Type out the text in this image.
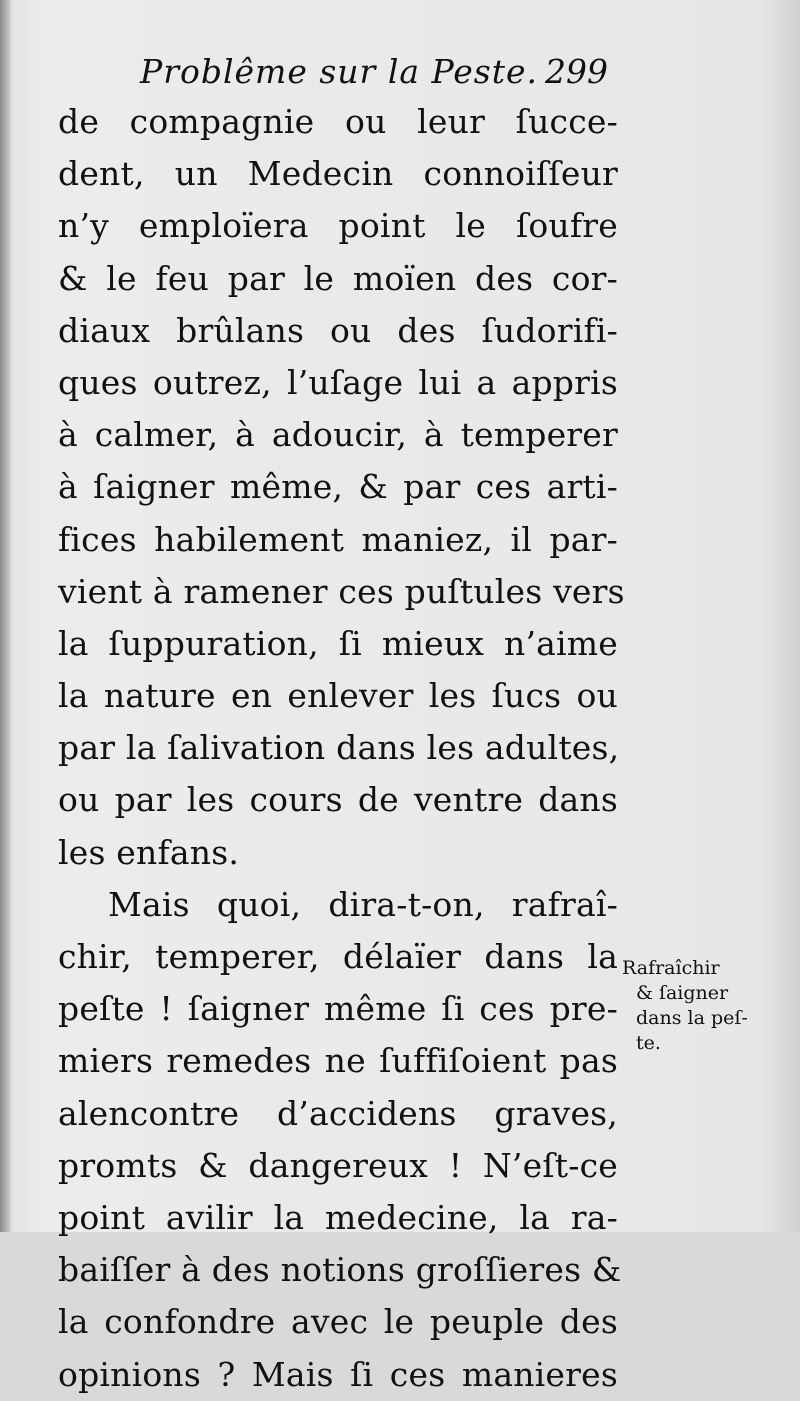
Problême sur la Peste. 299
de compagnie ou leur ſucce-
dent, un Medecin connoiſſeur
n’y emploïera point le ſoufre
& le feu par le moïen des cor-
diaux brûlans ou des ſudorifi-
ques outrez, l’uſage lui a appris
à calmer, à adoucir, à temperer
à ſaigner même, & par ces arti-
fices habilement maniez, il par-
vient à ramener ces puſtules vers
la ſuppuration, ſi mieux n’aime
la nature en enlever les ſucs ou
par la ſalivation dans les adultes,
ou par les cours de ventre dans
les enfans.
Mais quoi, dira-t-on, rafraî-
chir, temperer, délaïer dans la
peſte ! ſaigner même ſi ces pre-
miers remedes ne ſuffiſoient pas
alencontre d’accidens graves,
promts & dangereux ! N’eſt-ce
point avilir la medecine, la ra-
baiſſer à des notions groſſieres &
la confondre avec le peuple des
opinions ? Mais ſi ces manieres
Rafraîchir
& ſaigner
dans la peſ-
te.
